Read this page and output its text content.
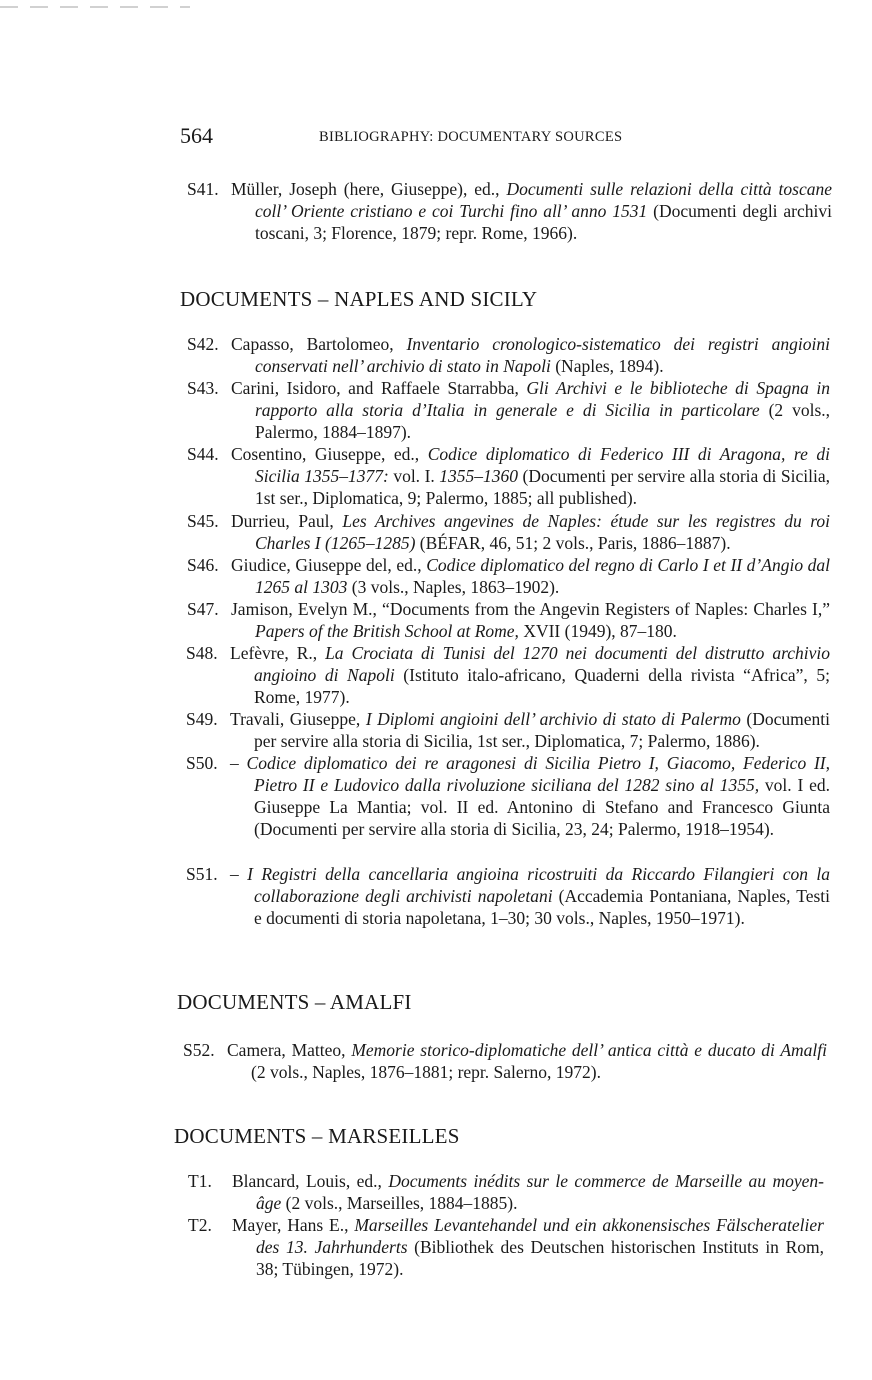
564	BIBLIOGRAPHY: DOCUMENTARY SOURCES
S41. Müller, Joseph (here, Giuseppe), ed., Documenti sulle relazioni della città toscane coll’ Oriente cristiano e coi Turchi fino all’ anno 1531 (Documenti degli archivi toscani, 3; Florence, 1879; repr. Rome, 1966).
DOCUMENTS – NAPLES AND SICILY
S42. Capasso, Bartolomeo, Inventario cronologico-sistematico dei registri angioini conservati nell’ archivio di stato in Napoli (Naples, 1894).
S43. Carini, Isidoro, and Raffaele Starrabba, Gli Archivi e le biblioteche di Spagna in rapporto alla storia d’Italia in generale e di Sicilia in particolare (2 vols., Palermo, 1884–1897).
S44. Cosentino, Giuseppe, ed., Codice diplomatico di Federico III di Aragona, re di Sicilia 1355–1377: vol. I. 1355–1360 (Documenti per servire alla storia di Sicilia, 1st ser., Diplomatica, 9; Palermo, 1885; all published).
S45. Durrieu, Paul, Les Archives angevines de Naples: étude sur les registres du roi Charles I (1265–1285) (BÉFAR, 46, 51; 2 vols., Paris, 1886–1887).
S46. Giudice, Giuseppe del, ed., Codice diplomatico del regno di Carlo I et II d’Angio dal 1265 al 1303 (3 vols., Naples, 1863–1902).
S47. Jamison, Evelyn M., “Documents from the Angevin Registers of Naples: Charles I,” Papers of the British School at Rome, XVII (1949), 87–180.
S48. Lefèvre, R., La Crociata di Tunisi del 1270 nei documenti del distrutto archivio angioino di Napoli (Istituto italo-africano, Quaderni della rivista “Africa”, 5; Rome, 1977).
S49. Travali, Giuseppe, I Diplomi angioini dell’ archivio di stato di Palermo (Documenti per servire alla storia di Sicilia, 1st ser., Diplomatica, 7; Palermo, 1886).
S50. – Codice diplomatico dei re aragonesi di Sicilia Pietro I, Giacomo, Federico II, Pietro II e Ludovico dalla rivoluzione siciliana del 1282 sino al 1355, vol. I ed. Giuseppe La Mantia; vol. II ed. Antonino di Stefano and Francesco Giunta (Documenti per servire alla storia di Sicilia, 23, 24; Palermo, 1918–1954).
S51. – I Registri della cancellaria angioina ricostruiti da Riccardo Filangieri con la collaborazione degli archivisti napoletani (Accademia Pontaniana, Naples, Testi e documenti di storia napoletana, 1–30; 30 vols., Naples, 1950–1971).
DOCUMENTS – AMALFI
S52. Camera, Matteo, Memorie storico-diplomatiche dell’ antica città e ducato di Amalfi (2 vols., Naples, 1876–1881; repr. Salerno, 1972).
DOCUMENTS – MARSEILLES
T1.	Blancard, Louis, ed., Documents inédits sur le commerce de Marseille au moyen-âge (2 vols., Marseilles, 1884–1885).
T2.	Mayer, Hans E., Marseilles Levantehandel und ein akkonensisches Fälscheratelier des 13. Jahrhunderts (Bibliothek des Deutschen historischen Instituts in Rom, 38; Tübingen, 1972).
